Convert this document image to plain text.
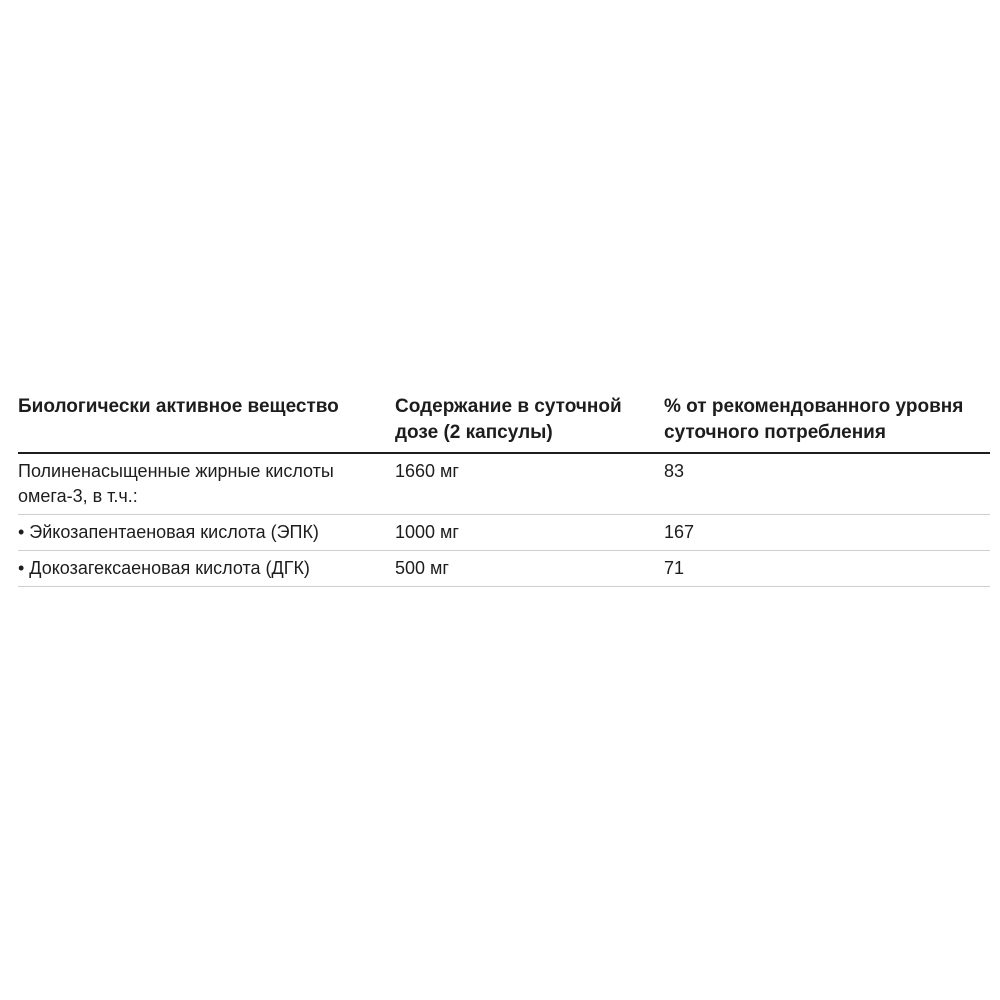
Биологически активное вещество	Содержание в суточной дозе (2 капсулы)	% от рекомендованного уровня суточного потребления
Полиненасыщенные жирные кислоты омега-3, в т.ч.:	1660 мг	83
• Эйкозапентаеновая кислота (ЭПК)	1000 мг	167
• Докозагексаеновая кислота (ДГК)	500 мг	71
